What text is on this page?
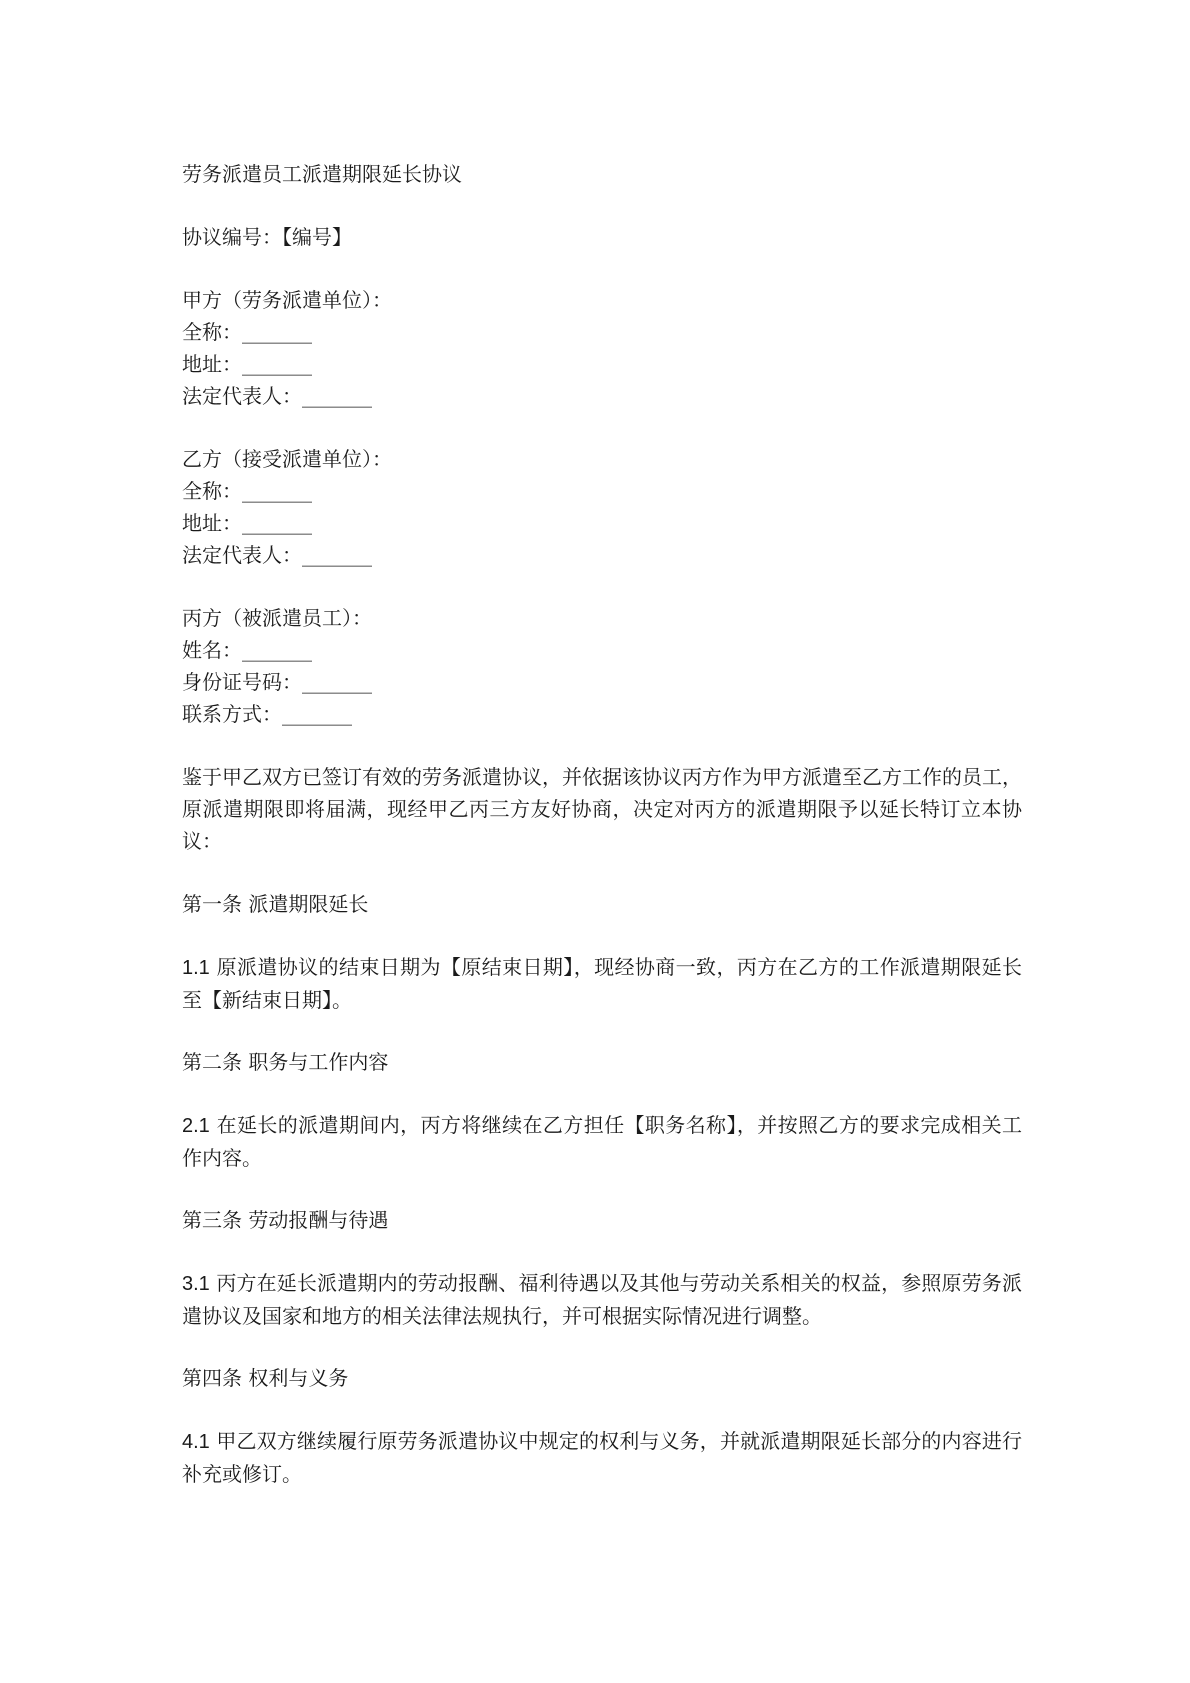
劳务派遣员工派遣期限延长协议
协议编号：【编号】
甲方（劳务派遣单位）：
全称：_______
地址：_______
法定代表人：_______
乙方（接受派遣单位）：
全称：_______
地址：_______
法定代表人：_______
丙方（被派遣员工）：
姓名：_______
身份证号码：_______
联系方式：_______
鉴于甲乙双方已签订有效的劳务派遣协议，并依据该协议丙方作为甲方派遣至乙方工作的员工，原派遣期限即将届满，现经甲乙丙三方友好协商，决定对丙方的派遣期限予以延长特订立本协议：
第一条 派遣期限延长
1.1 原派遣协议的结束日期为【原结束日期】，现经协商一致，丙方在乙方的工作派遣期限延长至【新结束日期】。
第二条 职务与工作内容
2.1 在延长的派遣期间内，丙方将继续在乙方担任【职务名称】，并按照乙方的要求完成相关工作内容。
第三条 劳动报酬与待遇
3.1 丙方在延长派遣期内的劳动报酬、福利待遇以及其他与劳动关系相关的权益，参照原劳务派遣协议及国家和地方的相关法律法规执行，并可根据实际情况进行调整。
第四条 权利与义务
4.1 甲乙双方继续履行原劳务派遣协议中规定的权利与义务，并就派遣期限延长部分的内容进行补充或修订。
